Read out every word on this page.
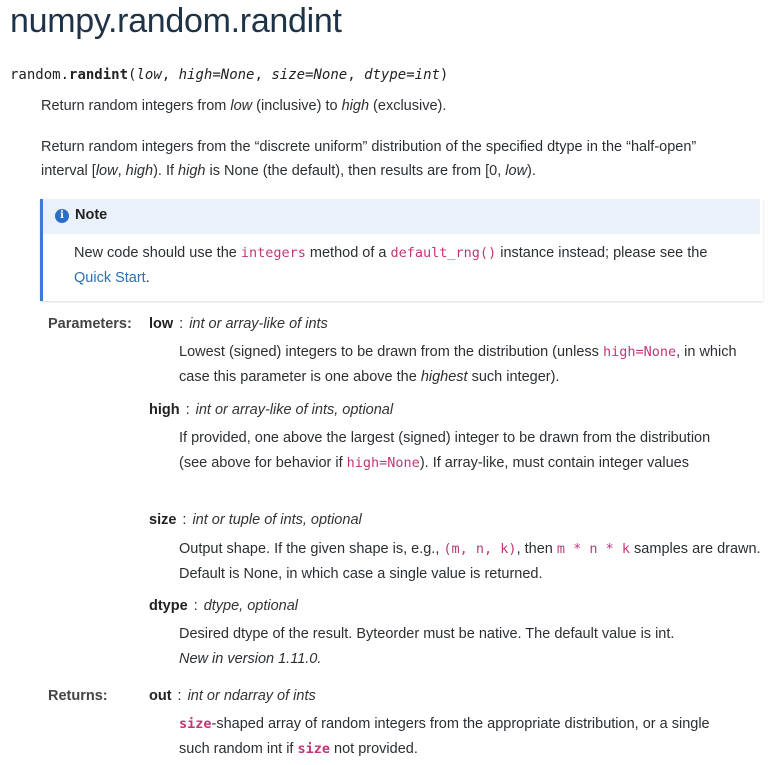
numpy.random.randint
random.randint(low, high=None, size=None, dtype=int)
Return random integers from low (inclusive) to high (exclusive).
Return random integers from the “discrete uniform” distribution of the specified dtype in the “half-open” interval [low, high). If high is None (the default), then results are from [0, low).
i Note
New code should use the integers method of a default_rng() instance instead; please see the Quick Start.
Parameters: low : int or array-like of ints
Lowest (signed) integers to be drawn from the distribution (unless high=None, in which case this parameter is one above the highest such integer).
high : int or array-like of ints, optional
If provided, one above the largest (signed) integer to be drawn from the distribution (see above for behavior if high=None). If array-like, must contain integer values
size : int or tuple of ints, optional
Output shape. If the given shape is, e.g., (m, n, k), then m * n * k samples are drawn. Default is None, in which case a single value is returned.
dtype : dtype, optional
Desired dtype of the result. Byteorder must be native. The default value is int.
New in version 1.11.0.
Returns:	out : int or ndarray of ints
size-shaped array of random integers from the appropriate distribution, or a single such random int if size not provided.
